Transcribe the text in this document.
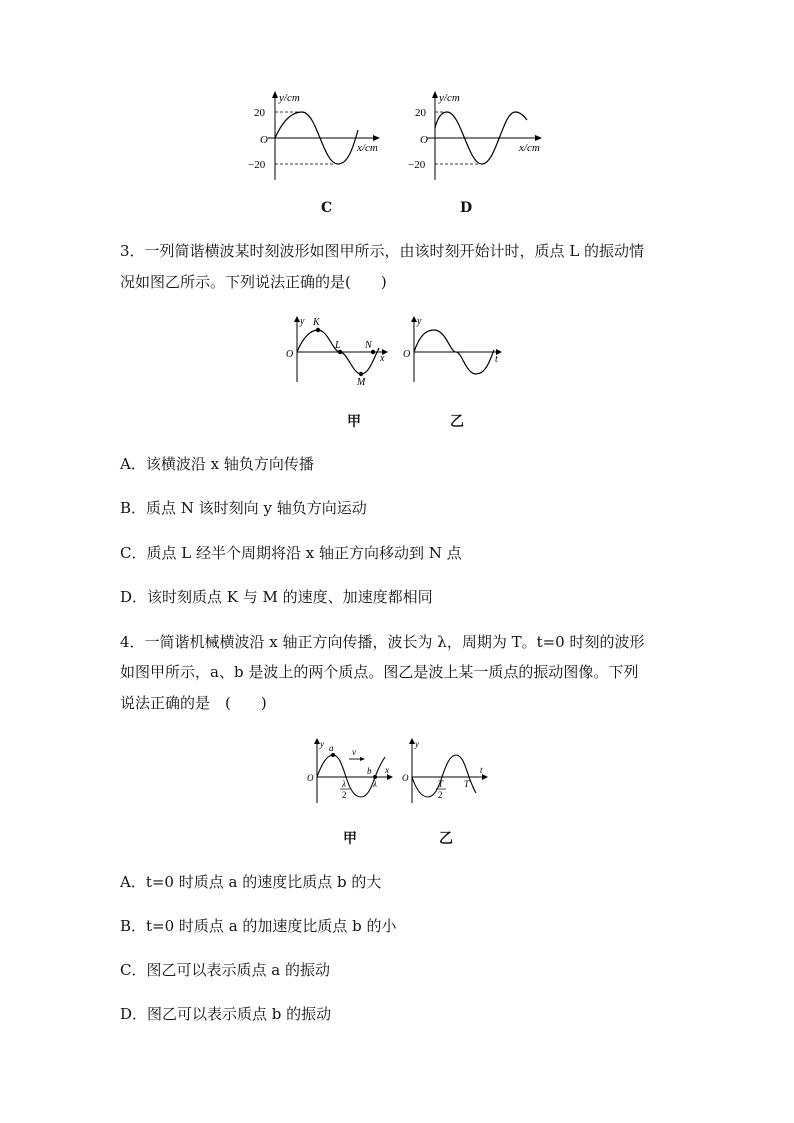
y/cm
20
O
−20
x/cm
C
y/cm
20
O
−20
x/cm
D
3．一列简谐横波某时刻波形如图甲所示，由该时刻开始计时，质点 L 的振动情
况如图乙所示。下列说法正确的是(　　)
y
O
K
L
M
N
x
y
O	t
甲	乙
A．该横波沿 x 轴负方向传播
B．质点 N 该时刻向 y 轴负方向运动
C．质点 L 经半个周期将沿 x 轴正方向移动到 N 点
D．该时刻质点 K 与 M 的速度、加速度都相同
4．一简谐机械横波沿 x 轴正方向传播，波长为 λ，周期为 T。t=0 时刻的波形
如图甲所示，a、b 是波上的两个质点。图乙是波上某一质点的振动图像。下列
说法正确的是　(　　)
y a v
O
b x
λ
2
λ
y
O
t
T
2
T
甲	乙
A．t=0 时质点 a 的速度比质点 b 的大
B．t=0 时质点 a 的加速度比质点 b 的小
C．图乙可以表示质点 a 的振动
D．图乙可以表示质点 b 的振动
